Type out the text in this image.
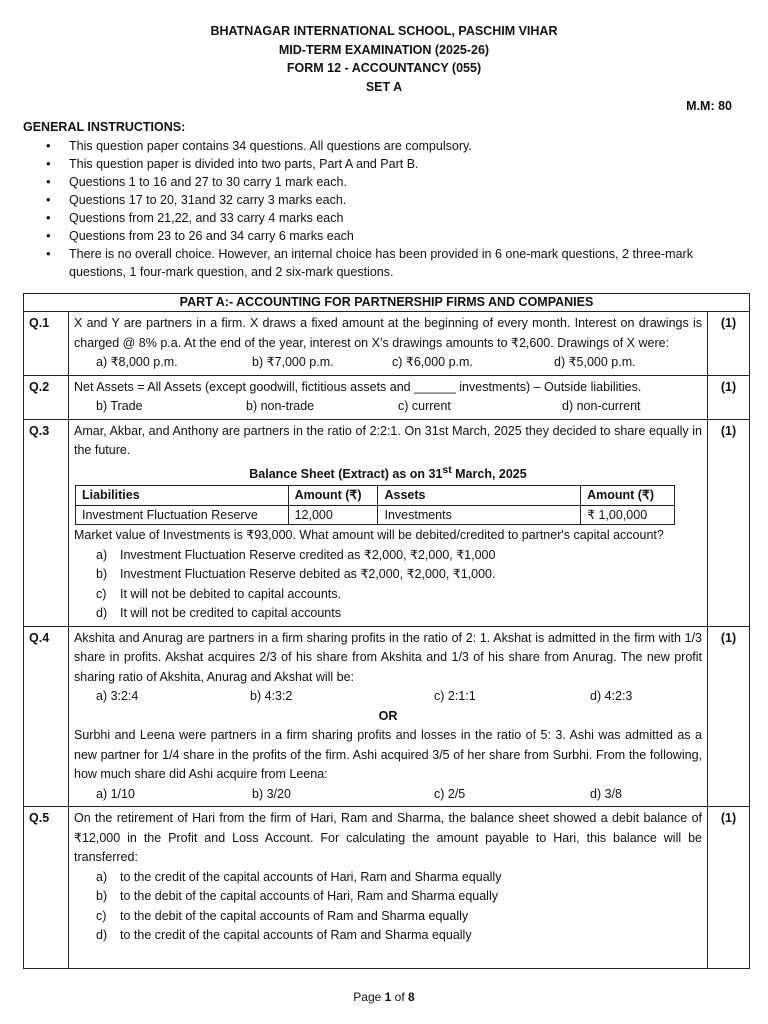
BHATNAGAR INTERNATIONAL SCHOOL, PASCHIM VIHAR
MID-TERM EXAMINATION (2025-26)
FORM 12 - ACCOUNTANCY (055)
SET A
M.M: 80
GENERAL INSTRUCTIONS:
• This question paper contains 34 questions. All questions are compulsory.
• This question paper is divided into two parts, Part A and Part B.
• Questions 1 to 16 and 27 to 30 carry 1 mark each.
• Questions 17 to 20, 31and 32 carry 3 marks each.
• Questions from 21,22, and 33 carry 4 marks each
• Questions from 23 to 26 and 34 carry 6 marks each
• There is no overall choice. However, an internal choice has been provided in 6 one-mark questions, 2 three-mark questions, 1 four-mark question, and 2 six-mark questions.
PART A:- ACCOUNTING FOR PARTNERSHIP FIRMS AND COMPANIES
Q.1	X and Y are partners in a firm. X draws a fixed amount at the beginning of every month. Interest on drawings is charged @ 8% p.a. At the end of the year, interest on X’s drawings amounts to ₹2,600. Drawings of X were:
a) ₹8,000 p.m.	b) ₹7,000 p.m.	c) ₹6,000 p.m.	d) ₹5,000 p.m.
	(1)
Q.2	Net Assets = All Assets (except goodwill, fictitious assets and ______ investments) – Outside liabilities.
b) Trade	b) non-trade	c) current	d) non-current
	(1)
Q.3	Amar, Akbar, and Anthony are partners in the ratio of 2:2:1. On 31st March, 2025 they decided to share equally in the future.
Balance Sheet (Extract) as on 31st March, 2025
Liabilities	Amount (₹)	Assets	Amount (₹)
Investment Fluctuation Reserve	12,000	Investments	₹ 1,00,000
Market value of Investments is ₹93,000. What amount will be debited/credited to partner's capital account?
a)	Investment Fluctuation Reserve credited as ₹2,000, ₹2,000, ₹1,000
b)	Investment Fluctuation Reserve debited as ₹2,000, ₹2,000, ₹1,000.
c)	It will not be debited to capital accounts.
d)	It will not be credited to capital accounts
	(1)
Q.4	Akshita and Anurag are partners in a firm sharing profits in the ratio of 2: 1. Akshat is admitted in the firm with 1/3 share in profits. Akshat acquires 2/3 of his share from Akshita and 1/3 of his share from Anurag. The new profit sharing ratio of Akshita, Anurag and Akshat will be:
a) 3:2:4	b) 4:3:2	c) 2:1:1	d) 4:2:3
OR
Surbhi and Leena were partners in a firm sharing profits and losses in the ratio of 5: 3. Ashi was admitted as a new partner for 1/4 share in the profits of the firm. Ashi acquired 3/5 of her share from Surbhi. From the following, how much share did Ashi acquire from Leena:
a) 1/10	b) 3/20	c) 2/5	d) 3/8
	(1)
Q.5	On the retirement of Hari from the firm of Hari, Ram and Sharma, the balance sheet showed a debit balance of ₹12,000 in the Profit and Loss Account. For calculating the amount payable to Hari, this balance will be transferred:
a)	to the credit of the capital accounts of Hari, Ram and Sharma equally
b)	to the debit of the capital accounts of Hari, Ram and Sharma equally
c)	to the debit of the capital accounts of Ram and Sharma equally
d)	to the credit of the capital accounts of Ram and Sharma equally
	(1)
Page 1 of 8
